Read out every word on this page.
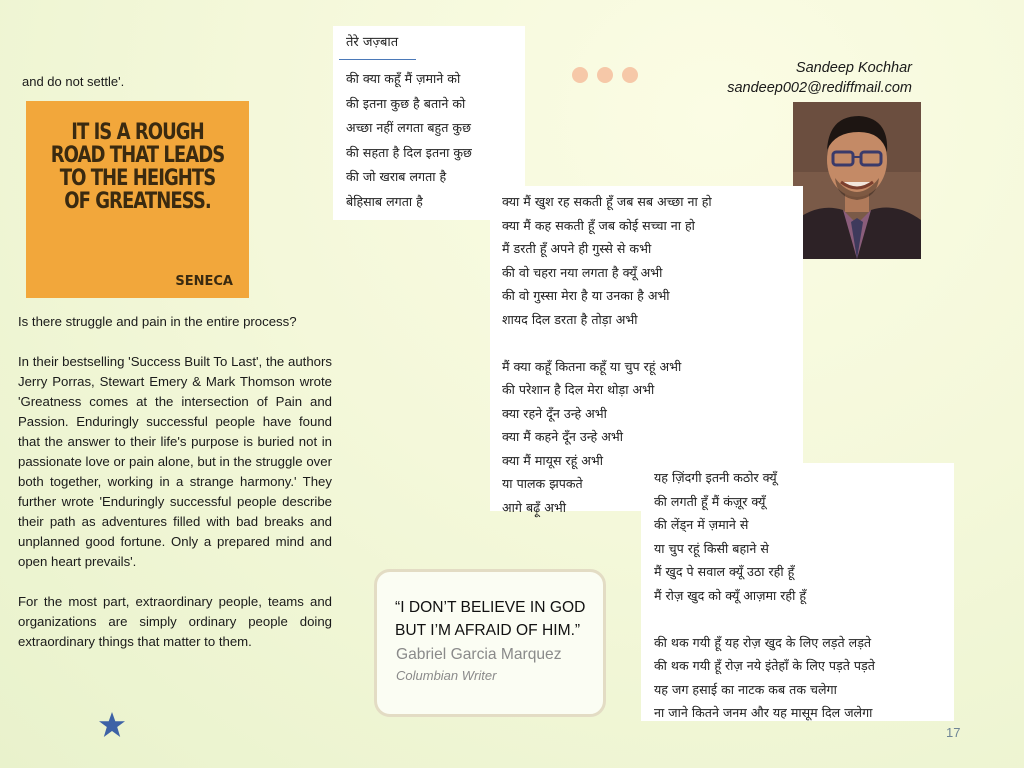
and do not settle'.
IT IS A ROUGH ROAD THAT LEADS TO THE HEIGHTS OF GREATNESS.
SENECA

Is there struggle and pain in the entire process?

In their bestselling 'Success Built To Last', the authors Jerry Porras, Stewart Emery & Mark Thomson wrote 'Greatness comes at the intersection of Pain and Passion. Enduringly successful people have found that the answer to their life's purpose is buried not in passionate love or pain alone, but in the struggle over both together, working in a strange harmony.' They further wrote 'Enduringly successful people describe their path as adventures filled with bad breaks and unplanned good fortune. Only a prepared mind and open heart prevails'.

For the most part, extraordinary people, teams and organizations are simply ordinary people doing extraordinary things that matter to them.

तेरे जज़्बात
की क्या कहूँ मैं ज़माने को
की इतना कुछ है बताने को
अच्छा नहीं लगता बहुत कुछ
की सहता है दिल इतना कुछ
की जो खराब लगता है
बेहिसाब लगता है
Sandeep Kochhar
sandeep002@rediffmail.com
क्या मैं खुश रह सकती हूँ जब सब अच्छा ना हो
क्या मैं कह सकती हूँ जब कोई सच्चा ना हो
मैं डरती हूँ अपने ही गुस्से से कभी
की वो चहरा नया लगता है क्यूँ अभी
की वो गुस्सा मेरा है या उनका है अभी
शायद दिल डरता है तोड़ा अभी
मैं क्या कहूँ कितना कहूँ या चुप रहूं अभी
की परेशान है दिल मेरा थोड़ा अभी
क्या रहने दूँन उन्हे अभी
क्या मैं कहने दूँन उन्हे अभी
क्या मैं मायूस रहूं अभी
या पालक झपकते
आगे बढ़ूँ अभी
यह ज़िंदगी इतनी कठोर क्यूँ
की लगती हूँ मैं कंज़ूर क्यूँ
की लेंड्न में ज़माने से
या चुप रहूं किसी बहाने से
मैं खुद पे सवाल क्यूँ उठा रही हूँ
मैं रोज़ खुद को क्यूँ आज़मा रही हूँ
की थक गयी हूँ यह रोज़ खुद के लिए लड़ते लड़ते
की थक गयी हूँ रोज़ नये इंतेहाँ के लिए पड़ते पड़ते
यह जग हसाई का नाटक कब तक चलेगा
ना जाने कितने जनम और यह मासूम दिल जलेगा
“I DON’T BELIEVE IN GOD
BUT I’M AFRAID OF HIM.”
Gabriel Garcia Marquez
Columbian Writer
17
